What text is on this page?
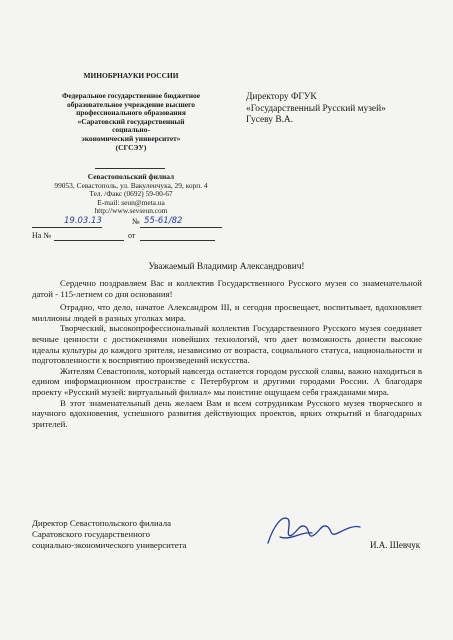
МИНОБРНАУКИ РОССИИ
Федеральное государственное бюджетное
образовательное учреждение высшего
профессионального образования
«Саратовский государственный
социально-
экономический университет»
(СГСЭУ)
Севастопольский филиал
99053, Севастополь, ул. Вакуленчука, 29, корп. 4
Тел. /Факс (0692) 59-00-67
E-mail: seun@meta.ua
http://www.sevseun.com
19.03.13	№ 55-61/82
На №	от
Директору ФГУК
«Государственный Русский музей»
Гусеву В.А.
Уважаемый Владимир Александрович!

Сердечно поздравляем Вас и коллектив Государственного Русского музея со знаменательной датой - 115-летием со дня основания!

Отрадно, что дело, начатое Александром III, и сегодня просвещает, воспитывает, вдохновляет миллионы людей в разных уголках мира.

Творческий, высокопрофессиональный коллектив Государственного Русского музея соединяет вечные ценности с достижениями новейших технологий, что дает возможность донести высокие идеалы культуры до каждого зрителя, независимо от возраста, социального статуса, национальности и подготовленности к восприятию произведений искусства.

Жителям Севастополя, который навсегда останется городом русской славы, важно находиться в едином информационном пространстве с Петербургом и другими городами России. А благодаря проекту «Русский музей: виртуальный филиал» мы поистине ощущаем себя гражданами мира.

В этот знаменательный день желаем Вам и всем сотрудникам Русского музея творческого и научного вдохновения, успешного развития действующих проектов, ярких открытий и благодарных зрителей.

Директор Севастопольского филиала
Саратовского государственного
социально-экономического университета	И.А. Шевчук
